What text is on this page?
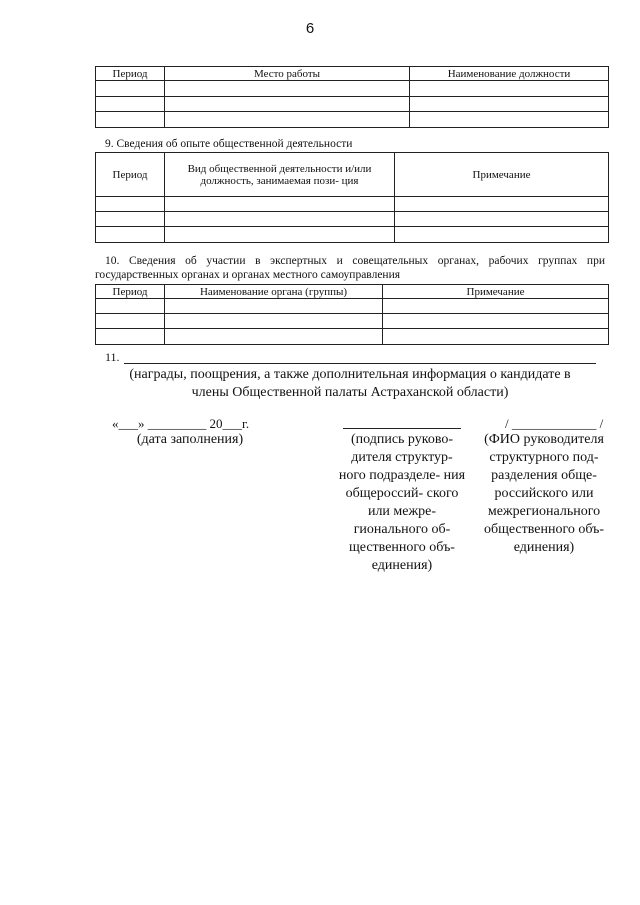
6
Период	Место работы	Наименование должности

9. Сведения об опыте общественной деятельности
Период	Вид общественной деятельности и/или должность, занимаемая пози- ция	Примечание

10. Сведения об участии в экспертных и совещательных органах, рабочих группах при
государственных органах и органах местного самоуправления
Период	Наименование органа (группы)	Примечание

11.
(награды, поощрения, а также дополнительная информация о кандидате в
члены Общественной палаты Астраханской области)
«___» _________ 20___г.
(дата заполнения)	(подпись руково- дителя структур- ного подразделе- ния общероссий- ского или межре- гионального об- щественного объ- единения)
/ _____________ /
(ФИО руководителя структурного под- разделения обще- российского или межрегионального общественного объ- единения)
